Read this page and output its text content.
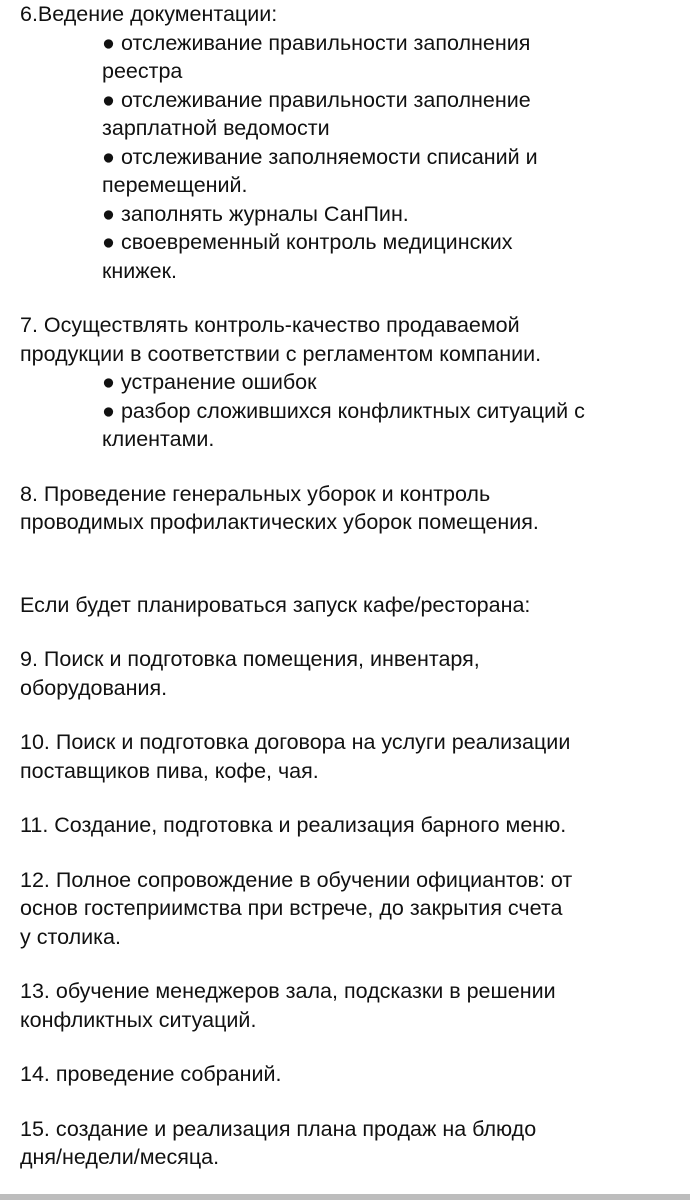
6.Ведение документации:
● отслеживание правильности заполнения
реестра
● отслеживание правильности заполнение
зарплатной ведомости
● отслеживание заполняемости списаний и
перемещений.
● заполнять журналы СанПин.
● своевременный контроль медицинских
книжек.
7. Осуществлять контроль-качество продаваемой
продукции в соответствии с регламентом компании.
● устранение ошибок
● разбор сложившихся конфликтных ситуаций с
клиентами.
8. Проведение генеральных уборок и контроль
проводимых профилактических уборок помещения.
Если будет планироваться запуск кафе/ресторана:
9. Поиск и подготовка помещения, инвентаря,
оборудования.
10. Поиск и подготовка договора на услуги реализации
поставщиков пива, кофе, чая.
11. Создание, подготовка и реализация барного меню.
12. Полное сопровождение в обучении официантов: от
основ гостеприимства при встрече, до закрытия счета
у столика.
13. обучение менеджеров зала, подсказки в решении
конфликтных ситуаций.
14. проведение собраний.
15. создание и реализация плана продаж на блюдо
дня/недели/месяца.
